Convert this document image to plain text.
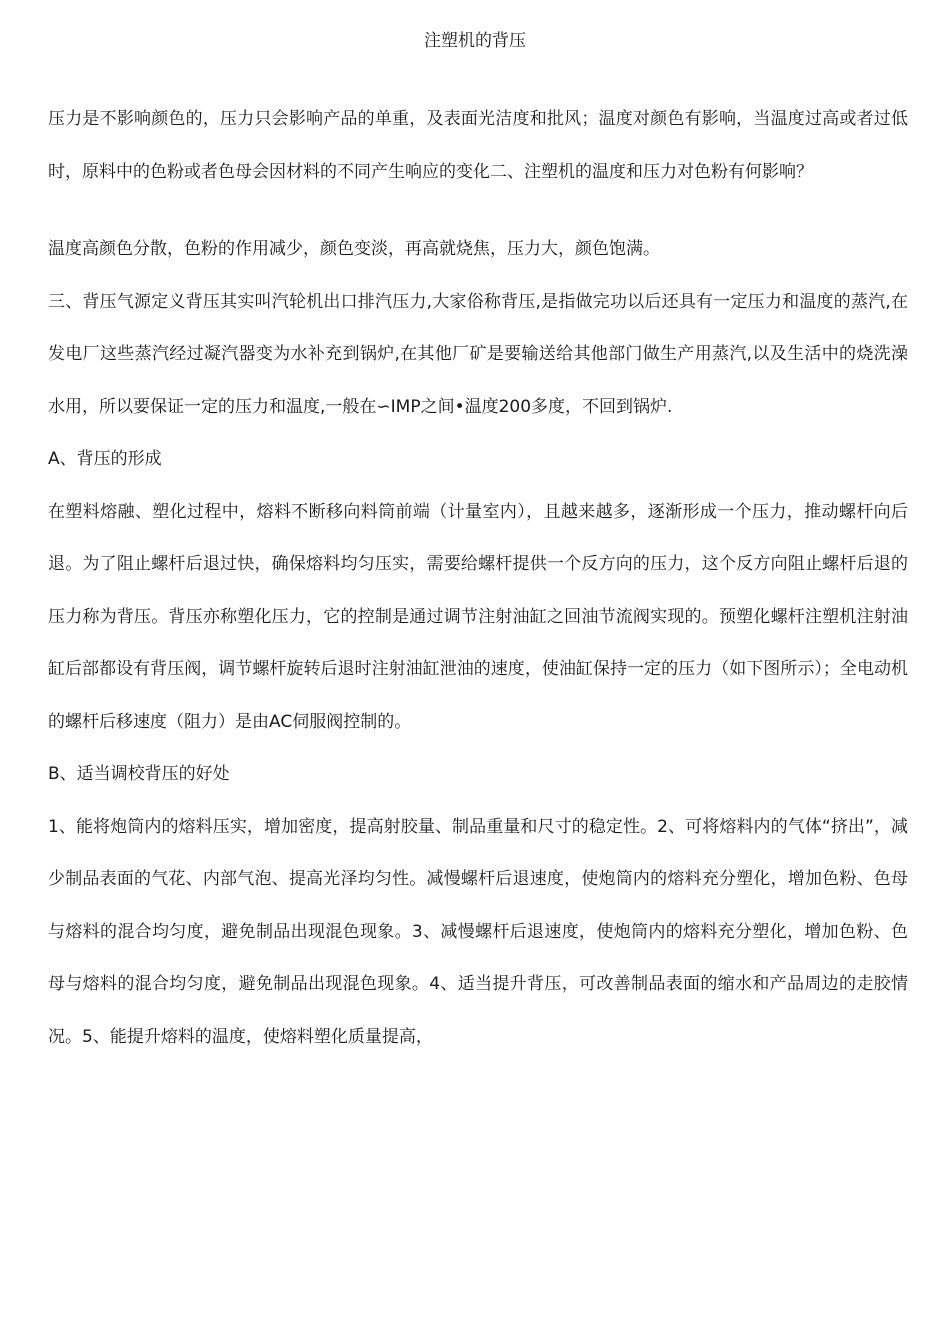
注塑机的背压

压力是不影响颜色的，压力只会影响产品的单重，及表面光洁度和批风；温度对颜色有影响，当温度过高或者过低时，原料中的色粉或者色母会因材料的不同产生响应的变化二、注塑机的温度和压力对色粉有何影响？

温度高颜色分散，色粉的作用减少，颜色变淡，再高就烧焦，压力大，颜色饱满。

三、背压气源定义背压其实叫汽轮机出口排汽压力,大家俗称背压,是指做完功以后还具有一定压力和温度的蒸汽,在发电厂这些蒸汽经过凝汽器变为水补充到锅炉,在其他厂矿是要输送给其他部门做生产用蒸汽,以及生活中的烧洗澡水用，所以要保证一定的压力和温度,一般在∽IMP之间•温度200多度，不回到锅炉.

A、背压的形成

在塑料熔融、塑化过程中，熔料不断移向料筒前端（计量室内），且越来越多，逐渐形成一个压力，推动螺杆向后退。为了阻止螺杆后退过快，确保熔料均匀压实，需要给螺杆提供一个反方向的压力，这个反方向阻止螺杆后退的压力称为背压。背压亦称塑化压力，它的控制是通过调节注射油缸之回油节流阀实现的。预塑化螺杆注塑机注射油缸后部都设有背压阀，调节螺杆旋转后退时注射油缸泄油的速度，使油缸保持一定的压力（如下图所示）；全电动机的螺杆后移速度（阻力）是由AC伺服阀控制的。

B、适当调校背压的好处

1、能将炮筒内的熔料压实，增加密度，提高射胶量、制品重量和尺寸的稳定性。2、可将熔料内的气体“挤出”，减少制品表面的气花、内部气泡、提高光泽均匀性。减慢螺杆后退速度，使炮筒内的熔料充分塑化，增加色粉、色母与熔料的混合均匀度，避免制品出现混色现象。3、减慢螺杆后退速度，使炮筒内的熔料充分塑化，增加色粉、色母与熔料的混合均匀度，避免制品出现混色现象。4、适当提升背压，可改善制品表面的缩水和产品周边的走胶情况。5、能提升熔料的温度，使熔料塑化质量提高，
